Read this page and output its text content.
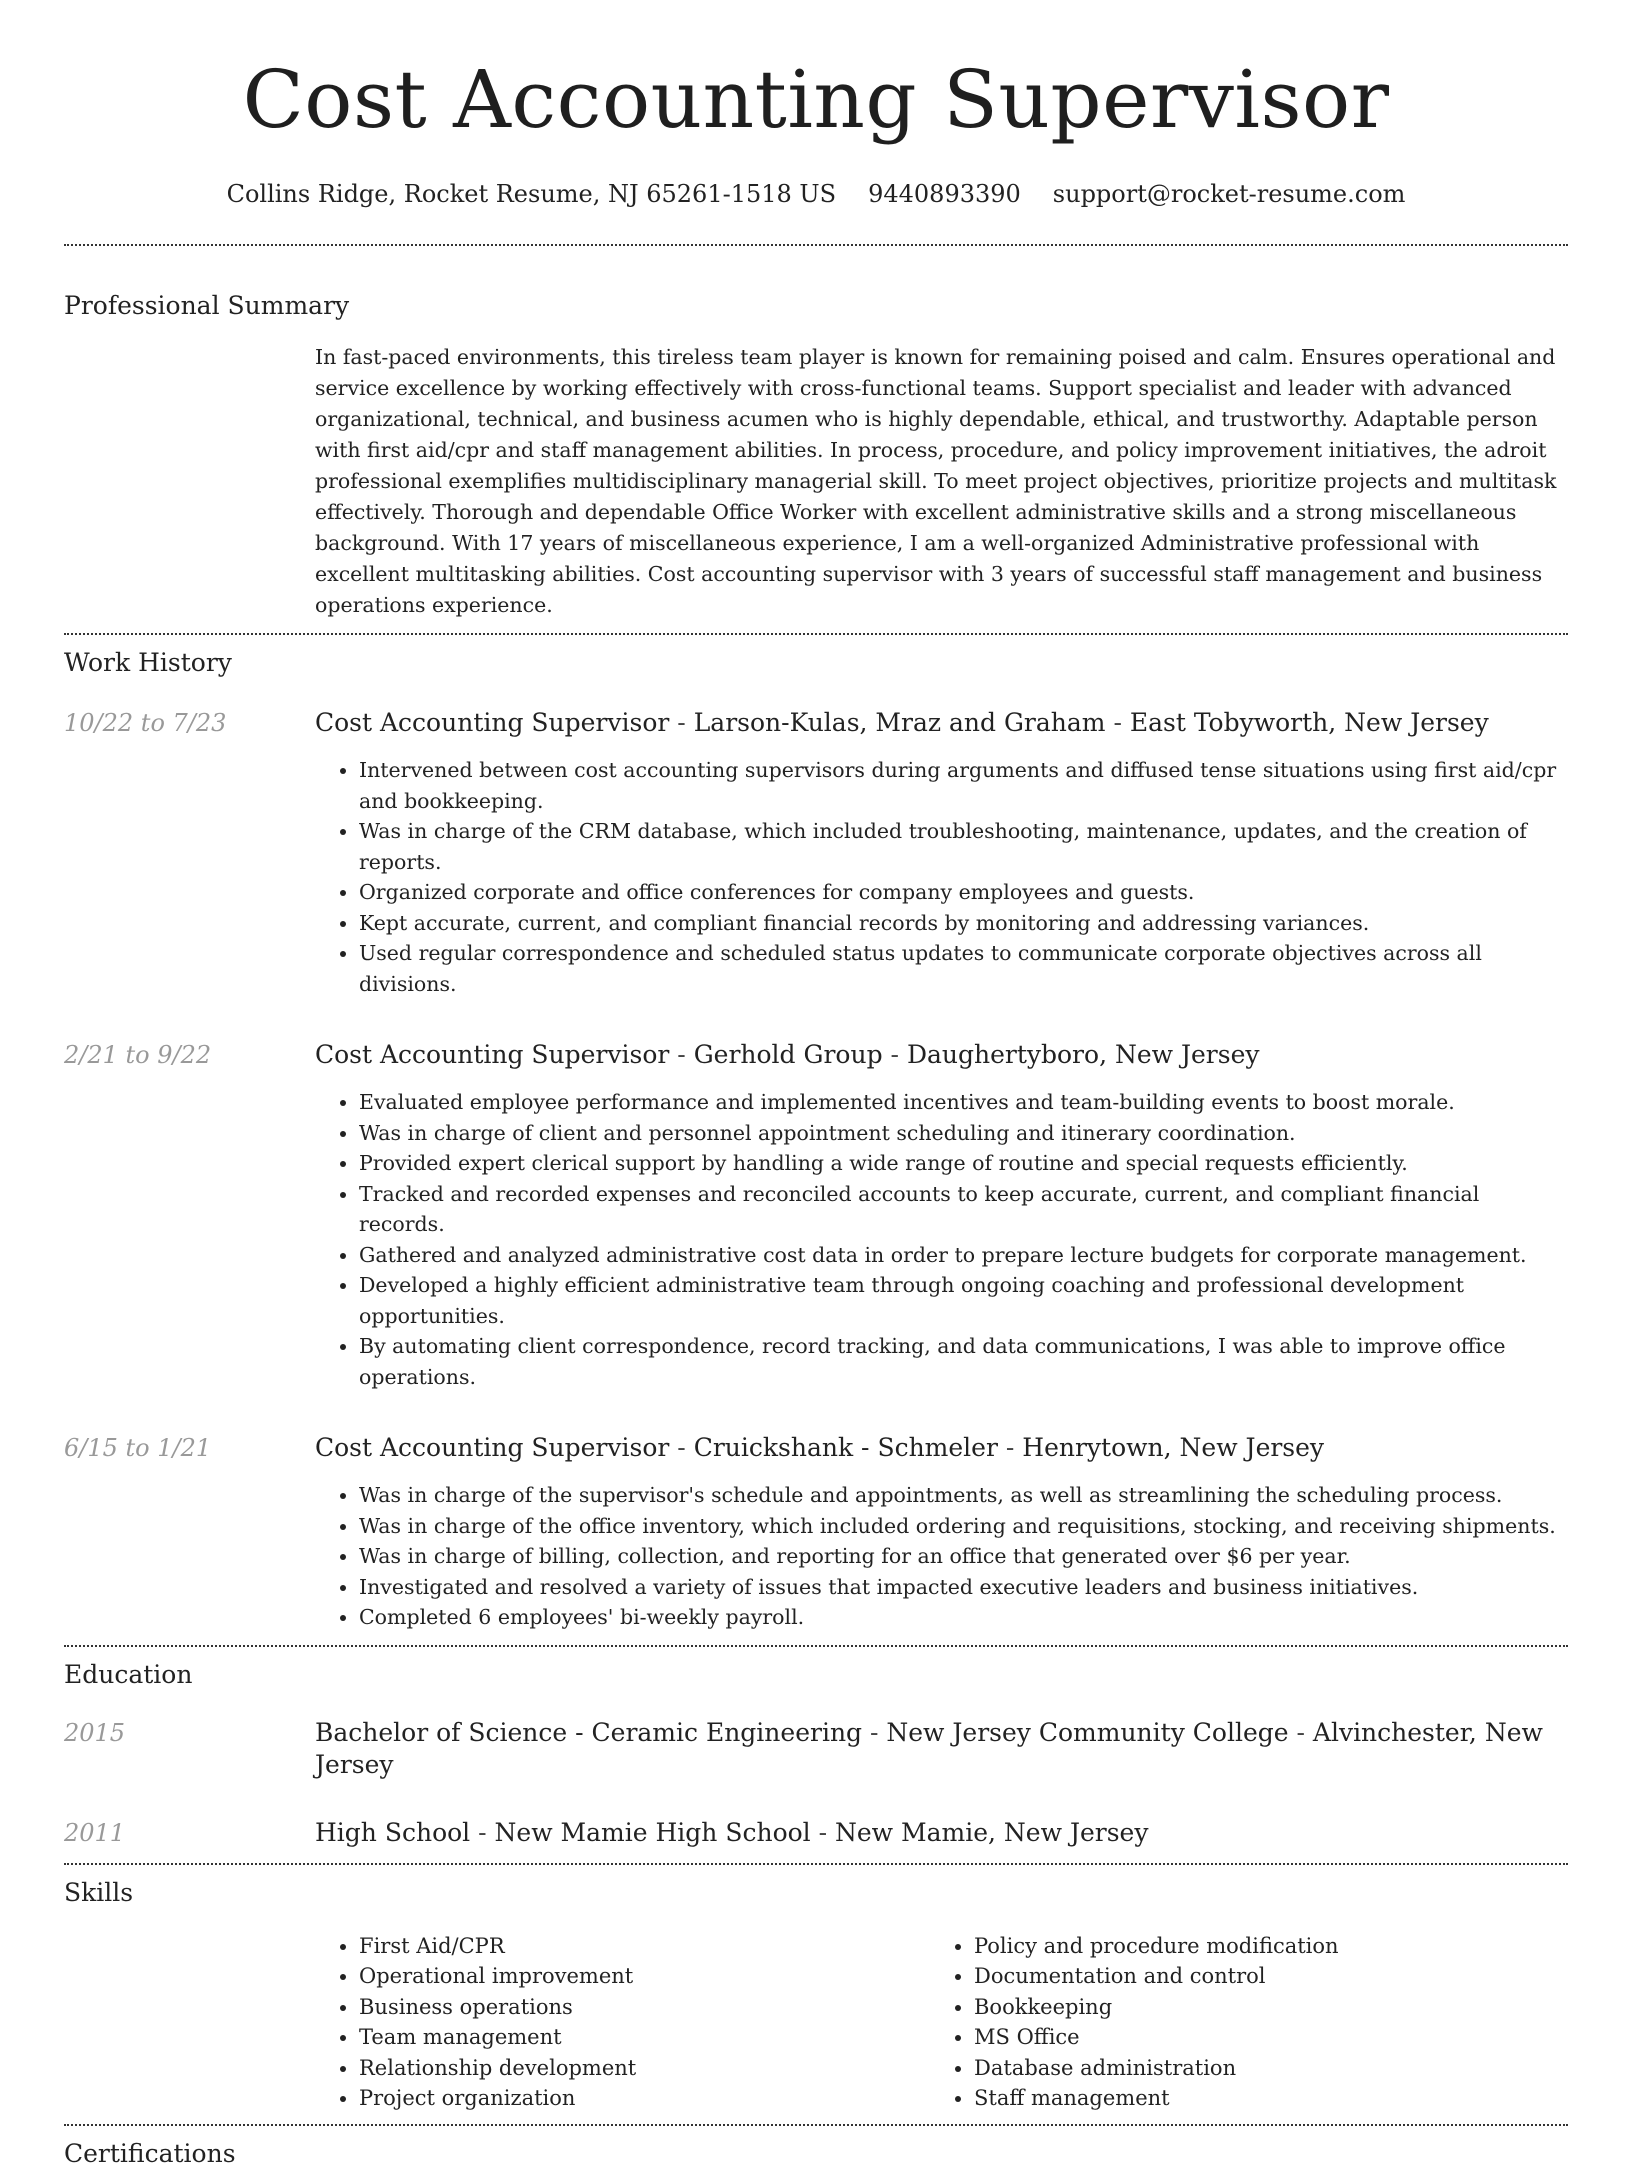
Cost Accounting Supervisor
Collins Ridge, Rocket Resume, NJ 65261-1518 US 9440893390 support@rocket-resume.com
Professional Summary
In fast-paced environments, this tireless team player is known for remaining poised and calm. Ensures operational and service excellence by working effectively with cross-functional teams. Support specialist and leader with advanced organizational, technical, and business acumen who is highly dependable, ethical, and trustworthy. Adaptable person with first aid/cpr and staff management abilities. In process, procedure, and policy improvement initiatives, the adroit professional exemplifies multidisciplinary managerial skill. To meet project objectives, prioritize projects and multitask effectively. Thorough and dependable Office Worker with excellent administrative skills and a strong miscellaneous background. With 17 years of miscellaneous experience, I am a well-organized Administrative professional with excellent multitasking abilities. Cost accounting supervisor with 3 years of successful staff management and business operations experience.
Work History
10/22 to 7/23	Cost Accounting Supervisor - Larson-Kulas, Mraz and Graham - East Tobyworth, New Jersey
• Intervened between cost accounting supervisors during arguments and diffused tense situations using first aid/cpr and bookkeeping.
• Was in charge of the CRM database, which included troubleshooting, maintenance, updates, and the creation of reports.
• Organized corporate and office conferences for company employees and guests.
• Kept accurate, current, and compliant financial records by monitoring and addressing variances.
• Used regular correspondence and scheduled status updates to communicate corporate objectives across all divisions.
2/21 to 9/22	Cost Accounting Supervisor - Gerhold Group - Daughertyboro, New Jersey
• Evaluated employee performance and implemented incentives and team-building events to boost morale.
• Was in charge of client and personnel appointment scheduling and itinerary coordination.
• Provided expert clerical support by handling a wide range of routine and special requests efficiently.
• Tracked and recorded expenses and reconciled accounts to keep accurate, current, and compliant financial records.
• Gathered and analyzed administrative cost data in order to prepare lecture budgets for corporate management.
• Developed a highly efficient administrative team through ongoing coaching and professional development opportunities.
• By automating client correspondence, record tracking, and data communications, I was able to improve office operations.
6/15 to 1/21	Cost Accounting Supervisor - Cruickshank - Schmeler - Henrytown, New Jersey
• Was in charge of the supervisor's schedule and appointments, as well as streamlining the scheduling process.
• Was in charge of the office inventory, which included ordering and requisitions, stocking, and receiving shipments.
• Was in charge of billing, collection, and reporting for an office that generated over $6 per year.
• Investigated and resolved a variety of issues that impacted executive leaders and business initiatives.
• Completed 6 employees' bi-weekly payroll.
Education
2015	Bachelor of Science - Ceramic Engineering - New Jersey Community College - Alvinchester, New Jersey
2011	High School - New Mamie High School - New Mamie, New Jersey
Skills
• First Aid/CPR
• Operational improvement
• Business operations
• Team management
• Relationship development
• Project organization
• Policy and procedure modification
• Documentation and control
• Bookkeeping
• MS Office
• Database administration
• Staff management
Certifications
